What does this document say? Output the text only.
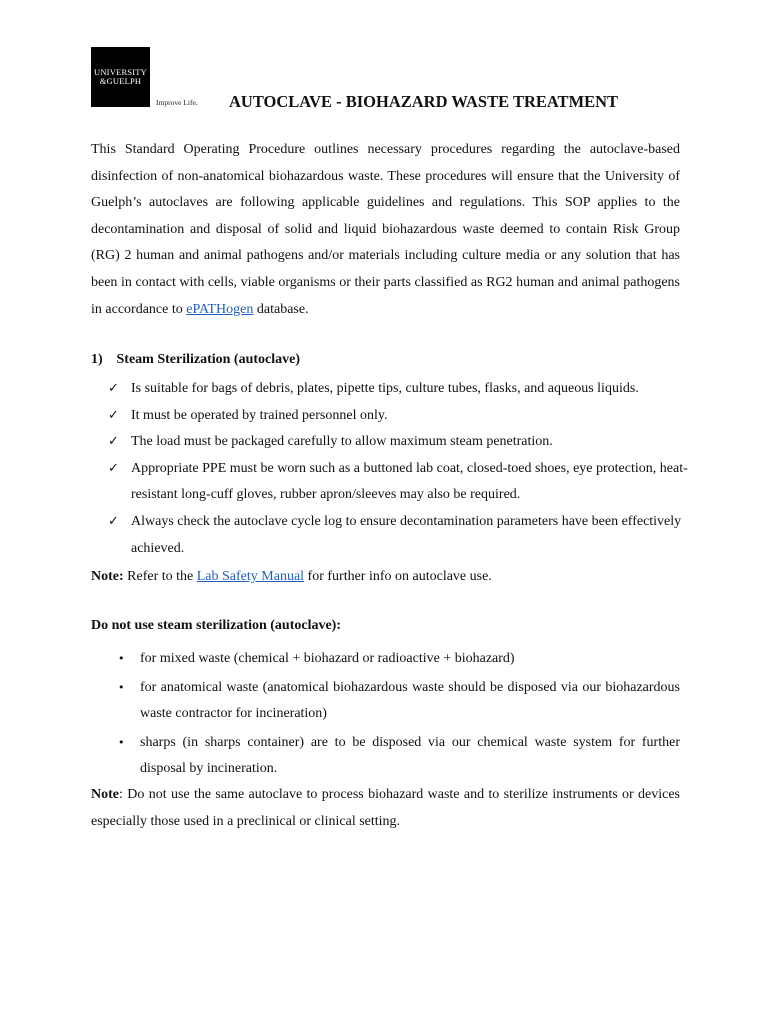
UNIVERSITY
&GUELPH
Improve Life. AUTOCLAVE - BIOHAZARD WASTE TREATMENT

This Standard Operating Procedure outlines necessary procedures regarding the autoclave-based disinfection of non-anatomical biohazardous waste. These procedures will ensure that the University of Guelph’s autoclaves are following applicable guidelines and regulations. This SOP applies to the decontamination and disposal of solid and liquid biohazardous waste deemed to contain Risk Group (RG) 2 human and animal pathogens and/or materials including culture media or any solution that has been in contact with cells, viable organisms or their parts classified as RG2 human and animal pathogens in accordance to ePATHogen database.

1) Steam Sterilization (autoclave)
✓ Is suitable for bags of debris, plates, pipette tips, culture tubes, flasks, and aqueous liquids.
✓ It must be operated by trained personnel only.
✓ The load must be packaged carefully to allow maximum steam penetration.
✓ Appropriate PPE must be worn such as a buttoned lab coat, closed-toed shoes, eye protection, heat-resistant long-cuff gloves, rubber apron/sleeves may also be required.
✓ Always check the autoclave cycle log to ensure decontamination parameters have been effectively achieved.

Note: Refer to the Lab Safety Manual for further info on autoclave use.

Do not use steam sterilization (autoclave):
• for mixed waste (chemical + biohazard or radioactive + biohazard)
• for anatomical waste (anatomical biohazardous waste should be disposed via our biohazardous waste contractor for incineration)
• sharps (in sharps container) are to be disposed via our chemical waste system for further disposal by incineration.

Note: Do not use the same autoclave to process biohazard waste and to sterilize instruments or devices especially those used in a preclinical or clinical setting.
